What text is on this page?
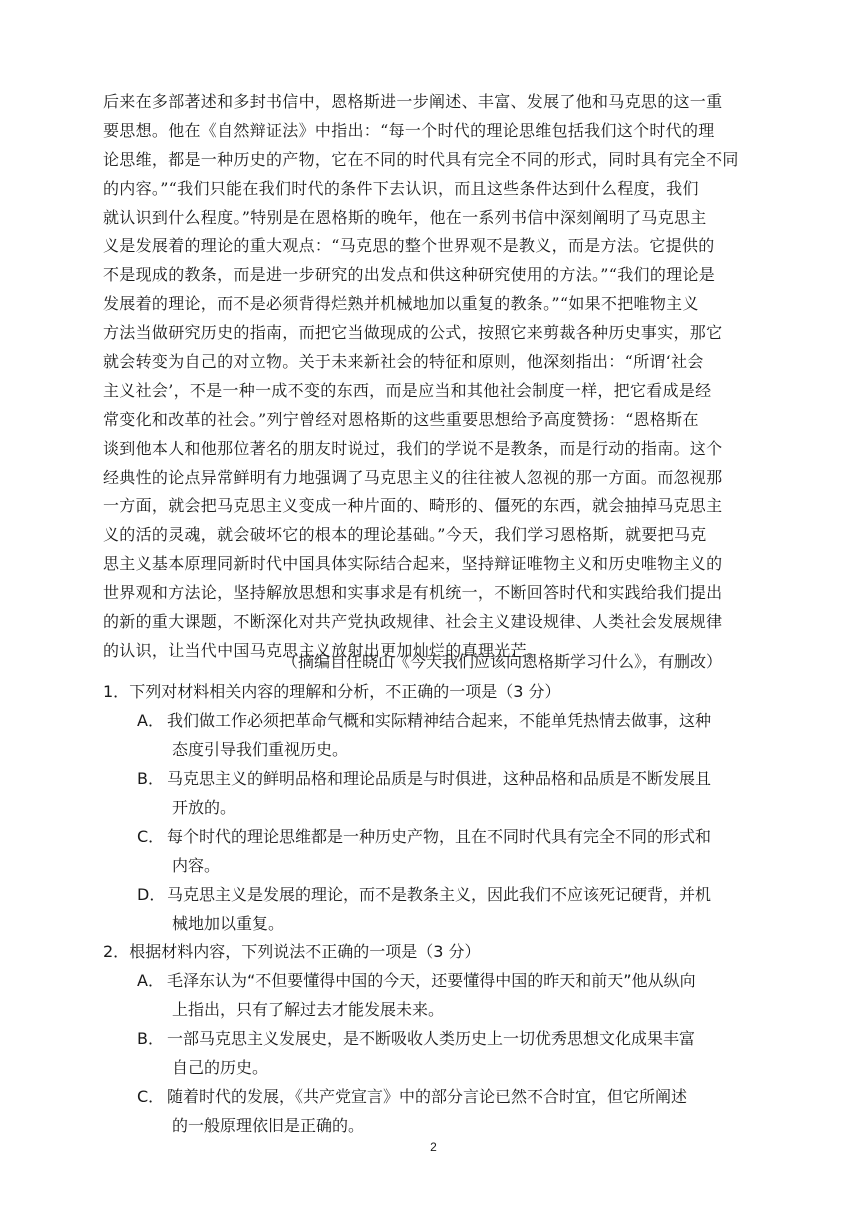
后来在多部著述和多封书信中，恩格斯进一步阐述、丰富、发展了他和马克思的这一重
要思想。他在《自然辩证法》中指出：“每一个时代的理论思维包括我们这个时代的理
论思维，都是一种历史的产物，它在不同的时代具有完全不同的形式，同时具有完全不同
的内容。”“我们只能在我们时代的条件下去认识，而且这些条件达到什么程度，我们
就认识到什么程度。”特别是在恩格斯的晚年，他在一系列书信中深刻阐明了马克思主
义是发展着的理论的重大观点：“马克思的整个世界观不是教义，而是方法。它提供的
不是现成的教条，而是进一步研究的出发点和供这种研究使用的方法。”“我们的理论是
发展着的理论，而不是必须背得烂熟并机械地加以重复的教条。”“如果不把唯物主义
方法当做研究历史的指南，而把它当做现成的公式，按照它来剪裁各种历史事实，那它
就会转变为自己的对立物。关于未来新社会的特征和原则，他深刻指出：“所谓‘社会
主义社会’，不是一种一成不变的东西，而是应当和其他社会制度一样，把它看成是经
常变化和改革的社会。”列宁曾经对恩格斯的这些重要思想给予高度赞扬：“恩格斯在
谈到他本人和他那位著名的朋友时说过，我们的学说不是教条，而是行动的指南。这个
经典性的论点异常鲜明有力地强调了马克思主义的往往被人忽视的那一方面。而忽视那
一方面，就会把马克思主义变成一种片面的、畸形的、僵死的东西，就会抽掉马克思主
义的活的灵魂，就会破坏它的根本的理论基础。”今天，我们学习恩格斯，就要把马克
思主义基本原理同新时代中国具体实际结合起来，坚持辩证唯物主义和历史唯物主义的
世界观和方法论，坚持解放思想和实事求是有机统一，不断回答时代和实践给我们提出
的新的重大课题，不断深化对共产党执政规律、社会主义建设规律、人类社会发展规律
的认识，让当代中国马克思主义放射出更加灿烂的真理光芒。
（摘编自任晓山《今天我们应该向恩格斯学习什么》，有删改）
1．下列对材料相关内容的理解和分析，不正确的一项是（3 分）
A． 我们做工作必须把革命气概和实际精神结合起来，不能单凭热情去做事，这种
态度引导我们重视历史。
B． 马克思主义的鲜明品格和理论品质是与时俱进，这种品格和品质是不断发展且
开放的。
C． 每个时代的理论思维都是一种历史产物，且在不同时代具有完全不同的形式和
内容。
D． 马克思主义是发展的理论，而不是教条主义，因此我们不应该死记硬背，并机
械地加以重复。
2．根据材料内容，下列说法不正确的一项是（3 分）
A． 毛泽东认为“不但要懂得中国的今天，还要懂得中国的昨天和前天”他从纵向
上指出，只有了解过去才能发展未来。
B． 一部马克思主义发展史，是不断吸收人类历史上一切优秀思想文化成果丰富
自己的历史。
C． 随着时代的发展，《共产党宣言》中的部分言论已然不合时宜，但它所阐述
的一般原理依旧是正确的。
2
